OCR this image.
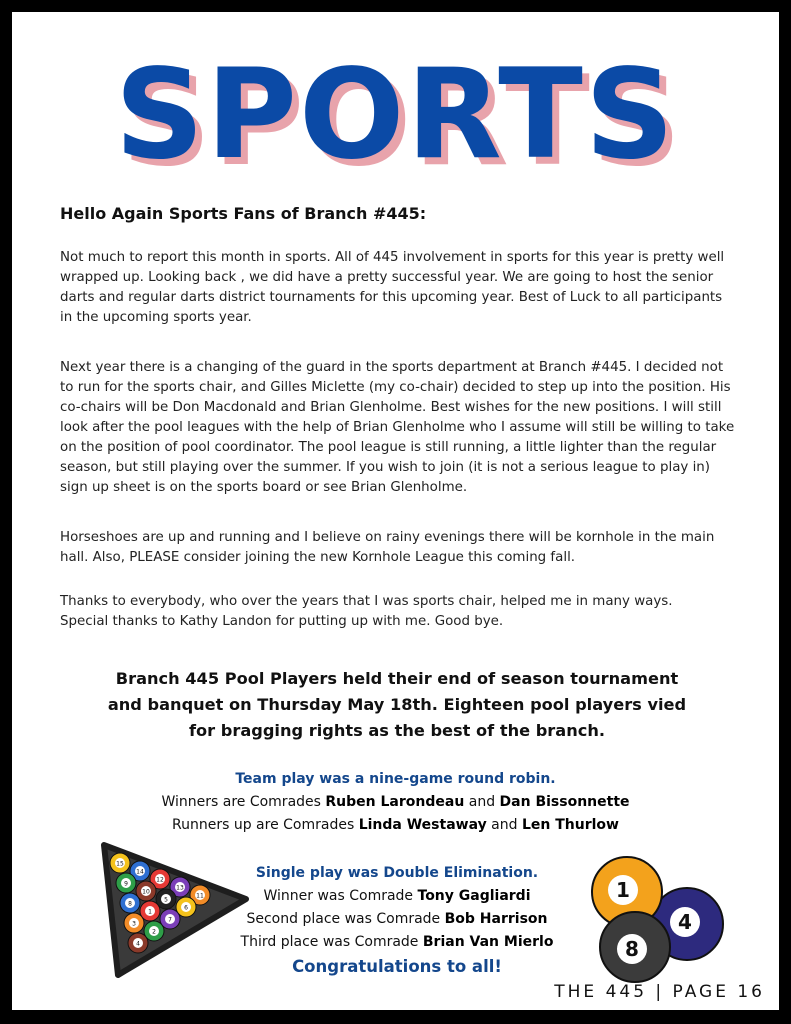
SPORTS
Hello Again Sports Fans of Branch #445:

Not much to report this month in sports. All of 445 involvement in sports for this year is pretty well wrapped up. Looking back , we did have a pretty successful year. We are going to host the senior darts and regular darts district tournaments for this upcoming year. Best of Luck to all participants in the upcoming sports year.

Next year there is a changing of the guard in the sports department at Branch #445. I decided not to run for the sports chair, and Gilles Miclette (my co-chair) decided to step up into the position. His co-chairs will be Don Macdonald and Brian Glenholme. Best wishes for the new positions. I will still look after the pool leagues with the help of Brian Glenholme who I assume will still be willing to take on the position of pool coordinator. The pool league is still running, a little lighter than the regular season, but still playing over the summer. If you wish to join (it is not a serious league to play in) sign up sheet is on the sports board or see Brian Glenholme.

Horseshoes are up and running and I believe on rainy evenings there will be kornhole in the main hall. Also, PLEASE consider joining the new Kornhole League this coming fall.

Thanks to everybody, who over the years that I was sports chair, helped me in many ways.

Special thanks to Kathy Landon for putting up with me. Good bye.

Branch 445 Pool Players held their end of season tournament
and banquet on Thursday May 18th. Eighteen pool players vied
for bragging rights as the best of the branch.
Team play was a nine-game round robin.
Winners are Comrades Ruben Larondeau and Dan Bissonnette
Runners up are Comrades Linda Westaway and Len Thurlow
Single play was Double Elimination.
Winner was Comrade Tony Gagliardi
Second place was Comrade Bob Harrison
Third place was Comrade Brian Van Mierlo
Congratulations to all!
15
14
12
13
11
9
10
5
6
8
1
7
3
2
4
4
1
8
THE 445 | PAGE 16
